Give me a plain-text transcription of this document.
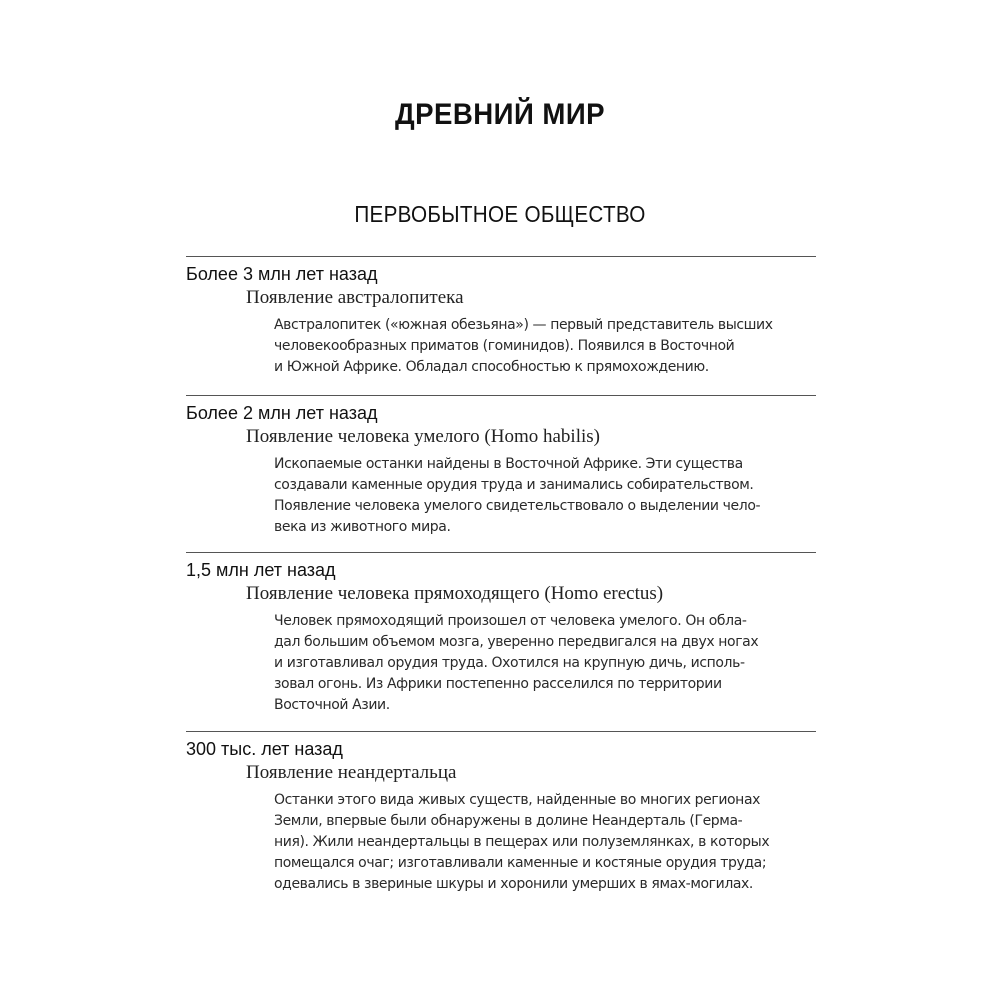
ДРЕВНИЙ МИР
ПЕРВОБЫТНОЕ ОБЩЕСТВО
Более 3 млн лет назад
Появление австралопитека
Австралопитек («южная обезьяна») — первый представитель высших
человекообразных приматов (гоминидов). Появился в Восточной
и Южной Африке. Обладал способностью к прямохождению.
Более 2 млн лет назад
Появление человека умелого (Homo habilis)
Ископаемые останки найдены в Восточной Африке. Эти существа
создавали каменные орудия труда и занимались собирательством.
Появление человека умелого свидетельствовало о выделении чело-
века из животного мира.
1,5 млн лет назад
Появление человека прямоходящего (Homo erectus)
Человек прямоходящий произошел от человека умелого. Он обла-
дал большим объемом мозга, уверенно передвигался на двух ногах
и изготавливал орудия труда. Охотился на крупную дичь, исполь-
зовал огонь. Из Африки постепенно расселился по территории
Восточной Азии.
300 тыс. лет назад
Появление неандертальца
Останки этого вида живых существ, найденные во многих регионах
Земли, впервые были обнаружены в долине Неандерталь (Герма-
ния). Жили неандертальцы в пещерах или полуземлянках, в которых
помещался очаг; изготавливали каменные и костяные орудия труда;
одевались в звериные шкуры и хоронили умерших в ямах-могилах.
